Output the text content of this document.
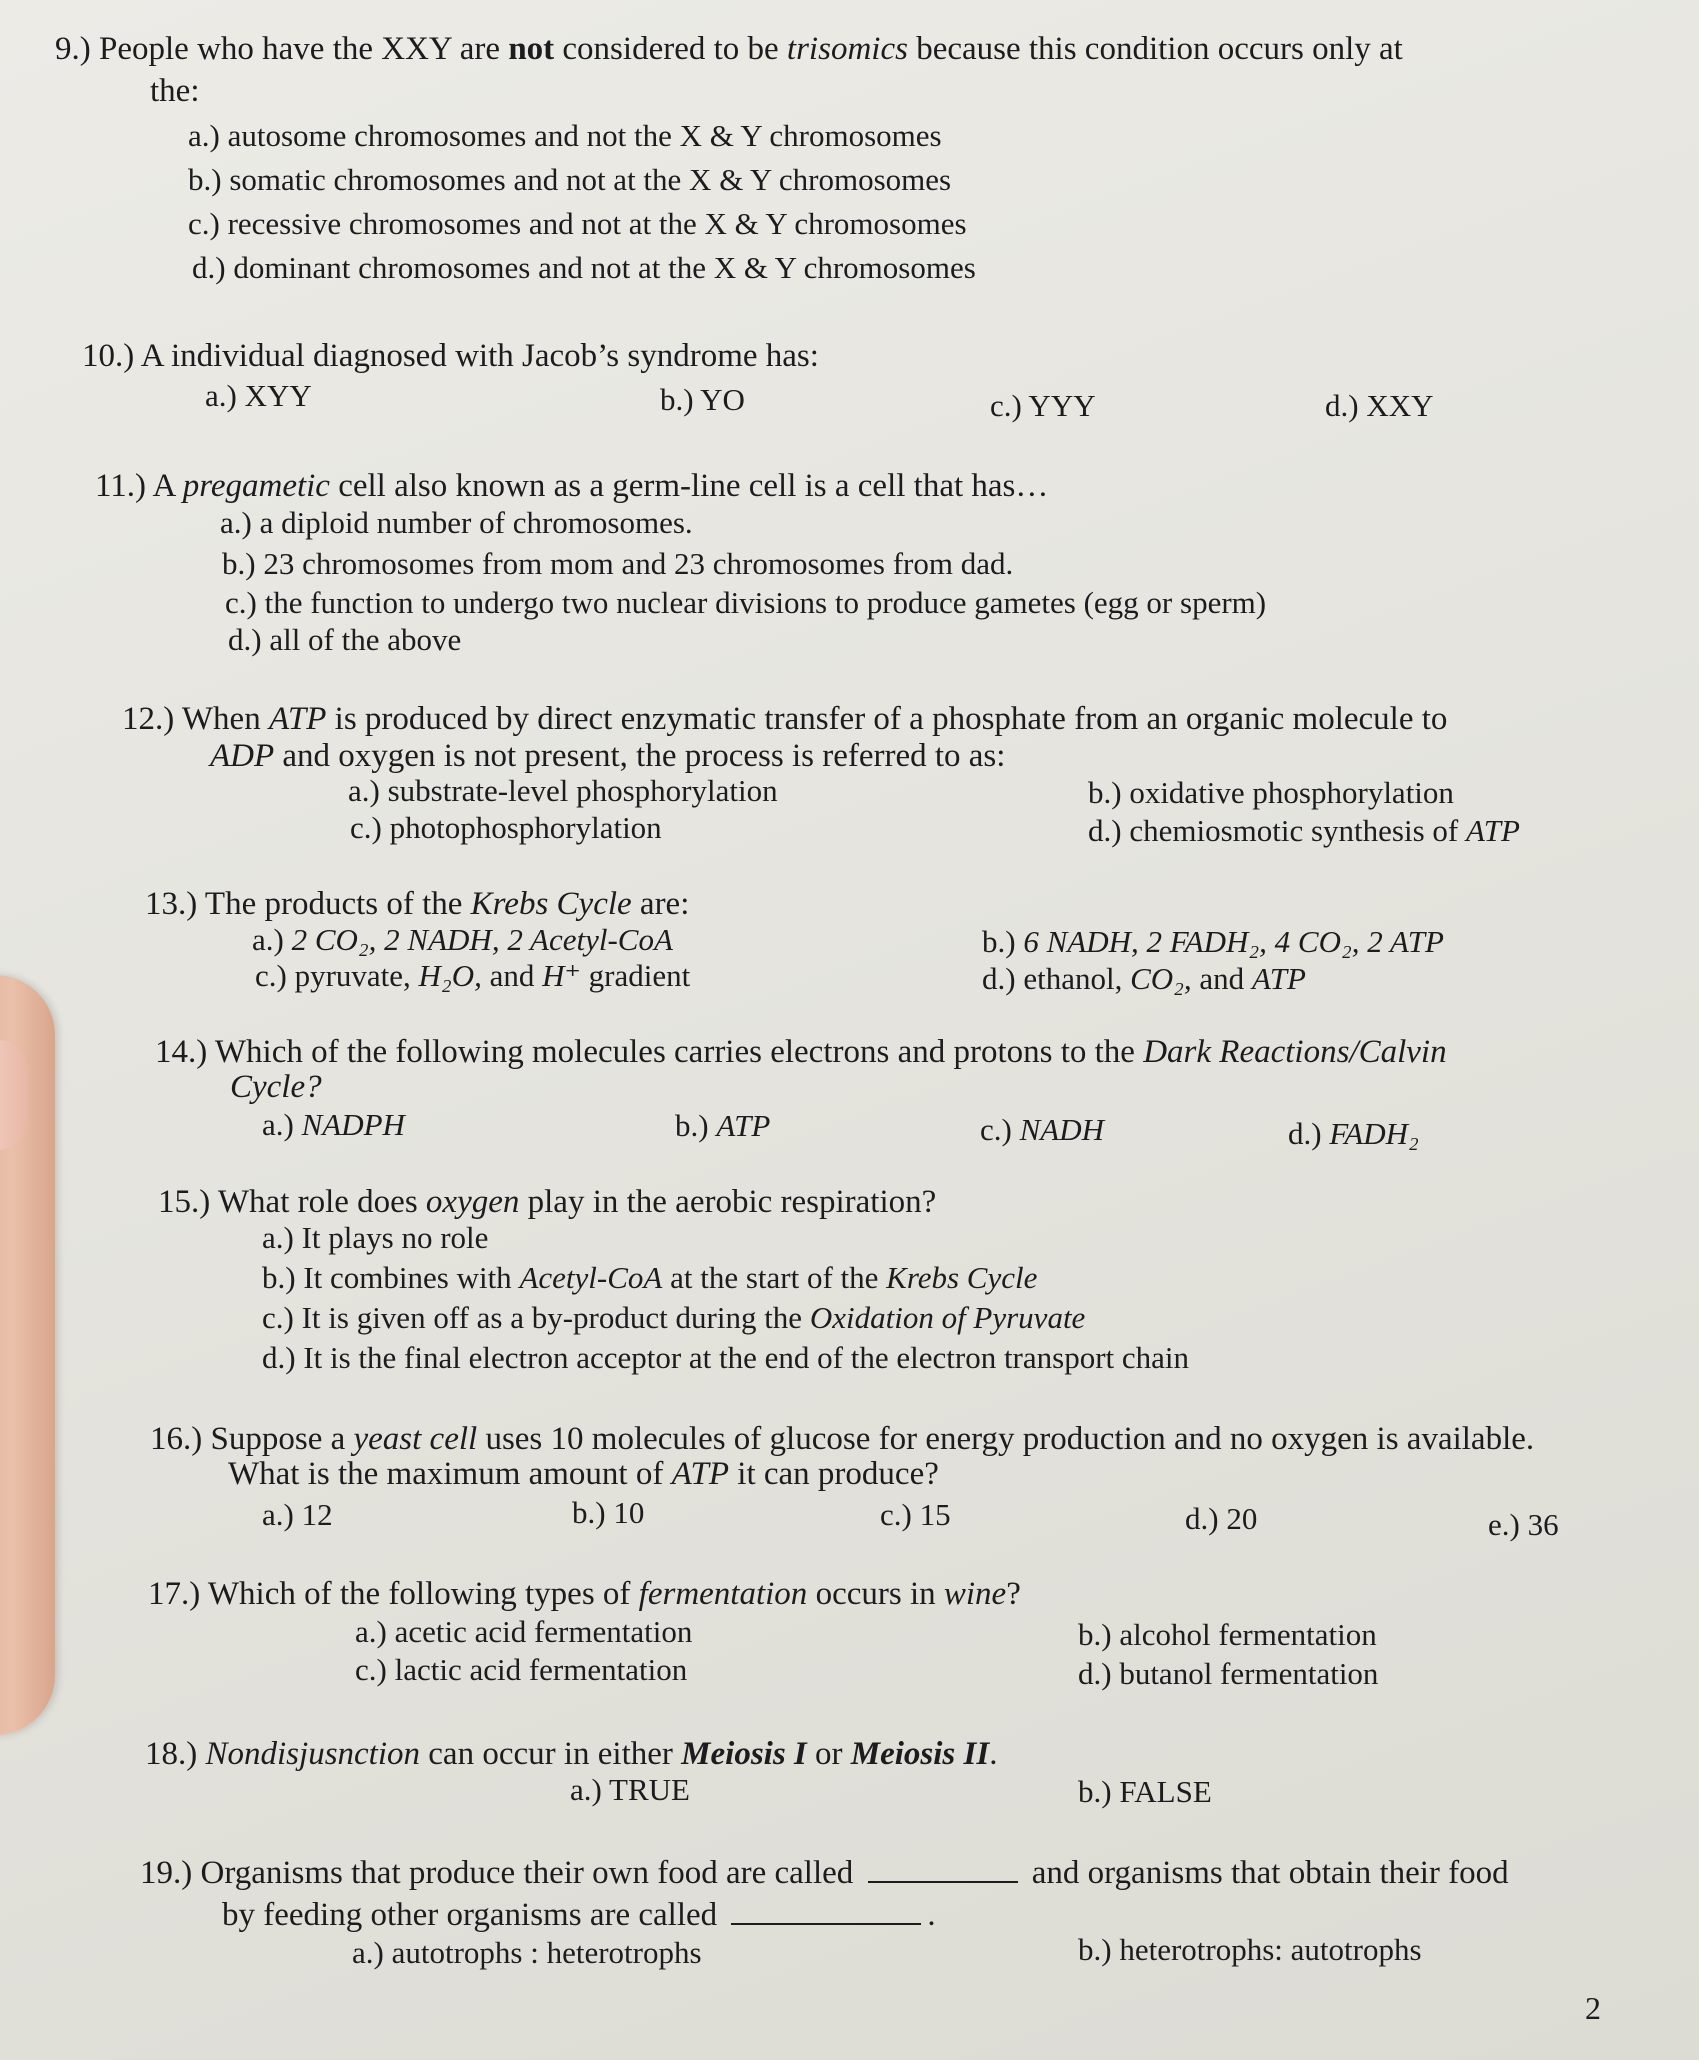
9.) People who have the XXY are not considered to be trisomics because this condition occurs only at
the:
a.) autosome chromosomes and not the X & Y chromosomes
b.) somatic chromosomes and not at the X & Y chromosomes
c.) recessive chromosomes and not at the X & Y chromosomes
d.) dominant chromosomes and not at the X & Y chromosomes
10.) A individual diagnosed with Jacob’s syndrome has:
a.) XYY	b.) YO	c.) YYY	d.) XXY
11.) A pregametic cell also known as a germ-line cell is a cell that has…
a.) a diploid number of chromosomes.
b.) 23 chromosomes from mom and 23 chromosomes from dad.
c.) the function to undergo two nuclear divisions to produce gametes (egg or sperm)
d.) all of the above
12.) When ATP is produced by direct enzymatic transfer of a phosphate from an organic molecule to
ADP and oxygen is not present, the process is referred to as:
a.) substrate-level phosphorylation	b.) oxidative phosphorylation
c.) photophosphorylation	d.) chemiosmotic synthesis of ATP
13.) The products of the Krebs Cycle are:
a.) 2 CO₂, 2 NADH, 2 Acetyl-CoA	b.) 6 NADH, 2 FADH₂, 4 CO₂, 2 ATP
c.) pyruvate, H₂O, and H⁺ gradient	d.) ethanol, CO₂, and ATP
14.) Which of the following molecules carries electrons and protons to the Dark Reactions/Calvin
Cycle?
a.) NADPH	b.) ATP	c.) NADH	d.) FADH₂
15.) What role does oxygen play in the aerobic respiration?
a.) It plays no role
b.) It combines with Acetyl-CoA at the start of the Krebs Cycle
c.) It is given off as a by-product during the Oxidation of Pyruvate
d.) It is the final electron acceptor at the end of the electron transport chain
16.) Suppose a yeast cell uses 10 molecules of glucose for energy production and no oxygen is available.
What is the maximum amount of ATP it can produce?
a.) 12	b.) 10	c.) 15	d.) 20	e.) 36
17.) Which of the following types of fermentation occurs in wine?
a.) acetic acid fermentation	b.) alcohol fermentation
c.) lactic acid fermentation	d.) butanol fermentation
18.) Nondisjusnction can occur in either Meiosis I or Meiosis II.
a.) TRUE	b.) FALSE
19.) Organisms that produce their own food are called	and organisms that obtain their food
by feeding other organisms are called	.
a.) autotrophs : heterotrophs	b.) heterotrophs: autotrophs
2
